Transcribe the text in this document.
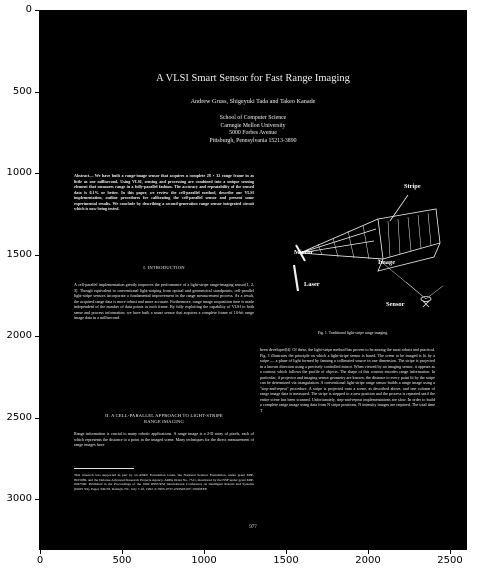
0
500
1000
1500
2000
2500
3000
0	500	1000	1500	2000	2500
A VLSI Smart Sensor for Fast Range Imaging
Andrew Gruss, Shigeyuki Tada and Takeo Kanade
School of Computer Science
Carnegie Mellon University
5000 Forbes Avenue
Pittsburgh, Pennsylvania 15213-3890
Abstract— We have built a range-image sensor that acquires a complete 28 × 32 range frame in as little as one millisecond. Using VLSI, sensing and processing are combined into a unique sensing element that measures range in a fully-parallel fashion. The accuracy and repeatability of the sensed data is 0.1% or better. In this paper, we review the cell-parallel method, describe our VLSI implementation, outline procedures for calibrating the cell-parallel sensor and present some experimental results. We conclude by describing a second-generation range sensor integrated circuit which is now being tested.
I. INTRODUCTION
A cell-parallel implementation greatly improves the performance of a light-stripe range-imaging sensor[1, 2, 3]. Though equivalent to conventional light-striping from optical and geometrical standpoints, cell-parallel light-stripe sensors incorporate a fundamental improvement in the range measurement process. As a result, the acquired range data is more robust and more accurate. Furthermore, range image acquisition time is made independent of the number of data points in each frame. By fully exploiting the capability of VLSI to both sense and process information, we have built a smart sensor that acquires a complete frame of 10-bit range image data in a millisecond.
II. A CELL-PARALLEL APPROACH TO LIGHT-STRIPE
RANGE IMAGING
Range information is crucial to many robotic applications. A range image is a 2-D array of pixels, each of which represents the distance to a point in the imaged scene. Many techniques for the direct measurement of range images have
This research was supported in part by an AT&T Foundation Grant, the National Science Foundation, under grant MIP-8915969, and the Defense Advanced Research Projects Agency, ARPA Order No. 7511, monitored by the NSF under grant MIP-9047590. Published in the Proceedings of the 1992 IEEE/RSJ International Conference on Intelligent Robots and Systems (IROS '92), Pages 349-58, Raleigh, NC, July 7-10, 1992. 0-7803-0737-2/92$03.00©1992IEEE
Stripe
Mirror
Image
Laser
Sensor
Fig. 1. Traditional light-stripe range imaging.
been developed[4]. Of these, the light-stripe method has proven to be among the most robust and practical. Fig. 1 illustrates the principle on which a light-stripe sensor is based. The scene to be imaged is lit by a stripe — a plane of light formed by fanning a collimated source in one dimension. The stripe is projected in a known direction using a precisely controlled mirror. When viewed by an imaging sensor, it appears as a contour which follows the profile of objects. The shape of this contour encodes range information. In particular, if projector and imaging sensor geometry are known, the distance to every point lit by the stripe can be determined via triangulation. A conventional light-stripe range sensor builds a range image using a "step-and-repeat" procedure. A stripe is projected onto a scene, as described above, and one column of range image data is measured. The stripe is stepped to a new position and the process is repeated until the entire scene has been scanned. Unfortunately, step-and-repeat implementations are slow. In order to build a complete range image using data from N stripe positions, N intensity images are required. The total time T
977
